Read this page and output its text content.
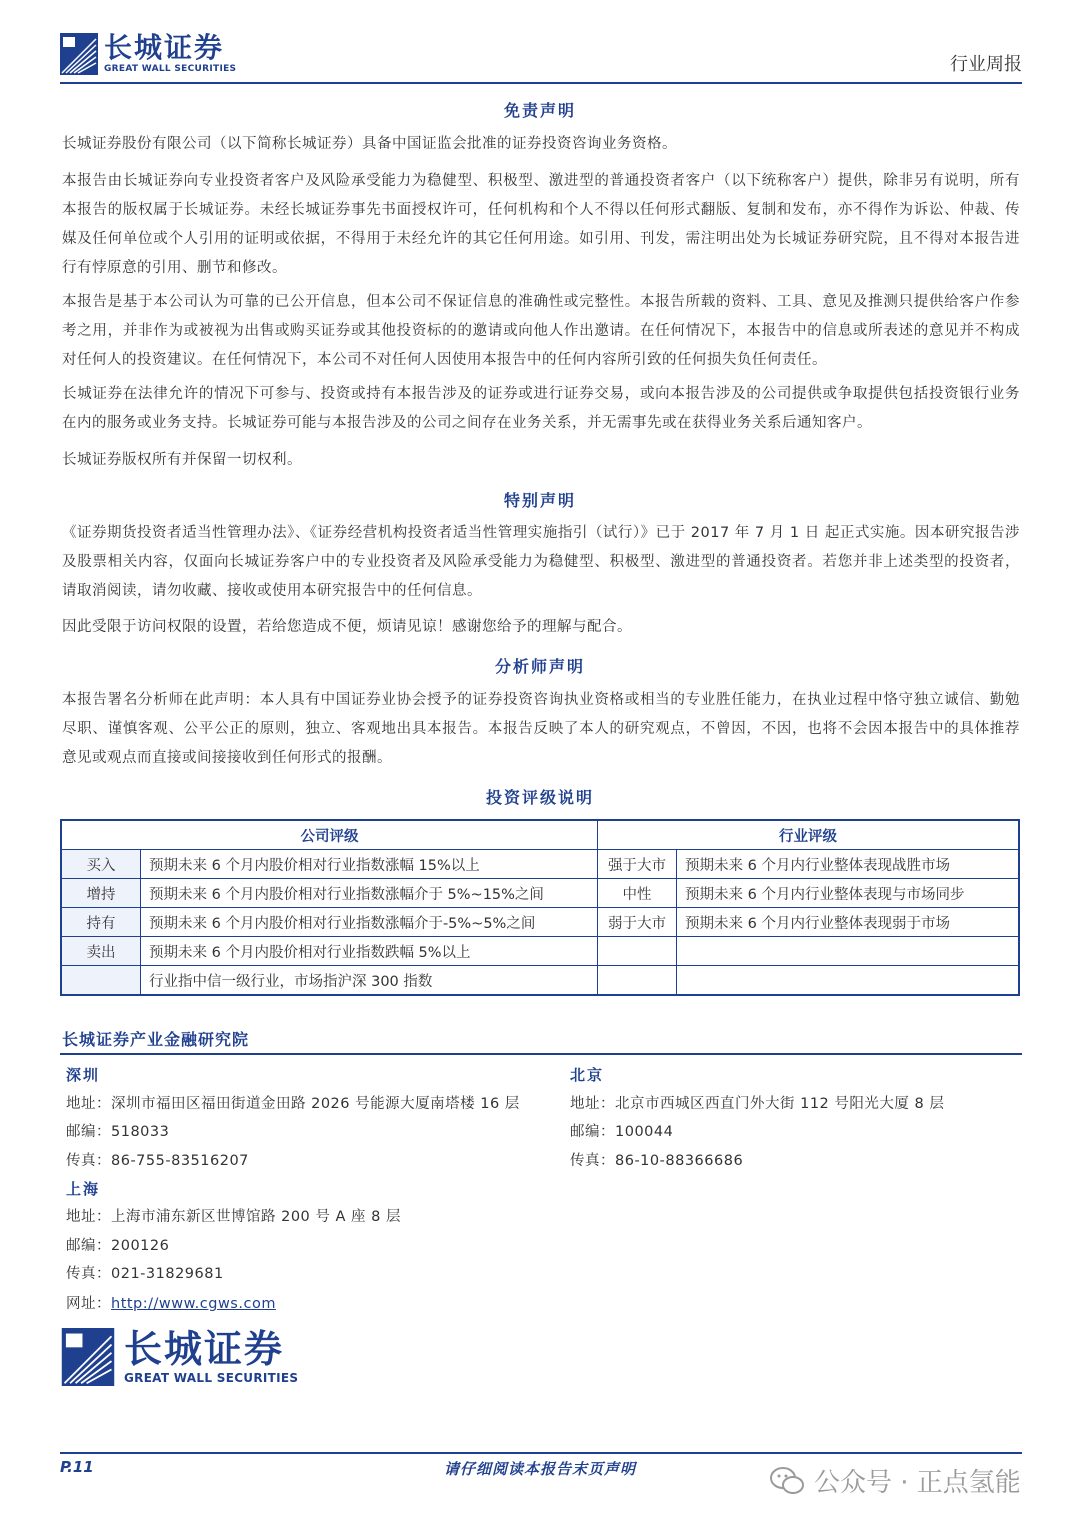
长城证券
GREAT WALL SECURITIES	行业周报
免责声明
长城证券股份有限公司（以下简称长城证券）具备中国证监会批准的证券投资咨询业务资格。
本报告由长城证券向专业投资者客户及风险承受能力为稳健型、积极型、激进型的普通投资者客户（以下统称客户）提供，除非另有说明，所有本报告的版权属于长城证券。未经长城证券事先书面授权许可，任何机构和个人不得以任何形式翻版、复制和发布，亦不得作为诉讼、仲裁、传媒及任何单位或个人引用的证明或依据，不得用于未经允许的其它任何用途。如引用、刊发，需注明出处为长城证券研究院，且不得对本报告进行有悖原意的引用、删节和修改。
本报告是基于本公司认为可靠的已公开信息，但本公司不保证信息的准确性或完整性。本报告所载的资料、工具、意见及推测只提供给客户作参考之用，并非作为或被视为出售或购买证券或其他投资标的的邀请或向他人作出邀请。在任何情况下，本报告中的信息或所表述的意见并不构成对任何人的投资建议。在任何情况下，本公司不对任何人因使用本报告中的任何内容所引致的任何损失负任何责任。
长城证券在法律允许的情况下可参与、投资或持有本报告涉及的证券或进行证券交易，或向本报告涉及的公司提供或争取提供包括投资银行业务在内的服务或业务支持。长城证券可能与本报告涉及的公司之间存在业务关系，并无需事先或在获得业务关系后通知客户。
长城证券版权所有并保留一切权利。
特别声明
《证券期货投资者适当性管理办法》、《证券经营机构投资者适当性管理实施指引（试行）》已于 2017 年 7 月 1 日 起正式实施。因本研究报告涉及股票相关内容，仅面向长城证券客户中的专业投资者及风险承受能力为稳健型、积极型、激进型的普通投资者。若您并非上述类型的投资者，请取消阅读，请勿收藏、接收或使用本研究报告中的任何信息。
因此受限于访问权限的设置，若给您造成不便，烦请见谅！感谢您给予的理解与配合。
分析师声明
本报告署名分析师在此声明：本人具有中国证券业协会授予的证券投资咨询执业资格或相当的专业胜任能力，在执业过程中恪守独立诚信、勤勉尽职、谨慎客观、公平公正的原则，独立、客观地出具本报告。本报告反映了本人的研究观点，不曾因，不因，也将不会因本报告中的具体推荐意见或观点而直接或间接接收到任何形式的报酬。
投资评级说明
公司评级		行业评级	
买入	预期未来 6 个月内股价相对行业指数涨幅 15%以上	强于大市	预期未来 6 个月内行业整体表现战胜市场
增持	预期未来 6 个月内股价相对行业指数涨幅介于 5%~15%之间	中性	预期未来 6 个月内行业整体表现与市场同步
持有	预期未来 6 个月内股价相对行业指数涨幅介于-5%~5%之间	弱于大市	预期未来 6 个月内行业整体表现弱于市场
卖出	预期未来 6 个月内股价相对行业指数跌幅 5%以上		
	行业指中信一级行业，市场指沪深 300 指数		
长城证券产业金融研究院
深圳
地址：深圳市福田区福田街道金田路 2026 号能源大厦南塔楼 16 层
邮编：518033
传真：86-755-83516207
北京
地址：北京市西城区西直门外大街 112 号阳光大厦 8 层
邮编：100044
传真：86-10-88366686
上海
地址：上海市浦东新区世博馆路 200 号 A 座 8 层
邮编：200126
传真：021-31829681
网址：http://www.cgws.com
长城证券
GREAT WALL SECURITIES
请仔细阅读本报告末页声明
P.11
公众号 · 正点氢能
